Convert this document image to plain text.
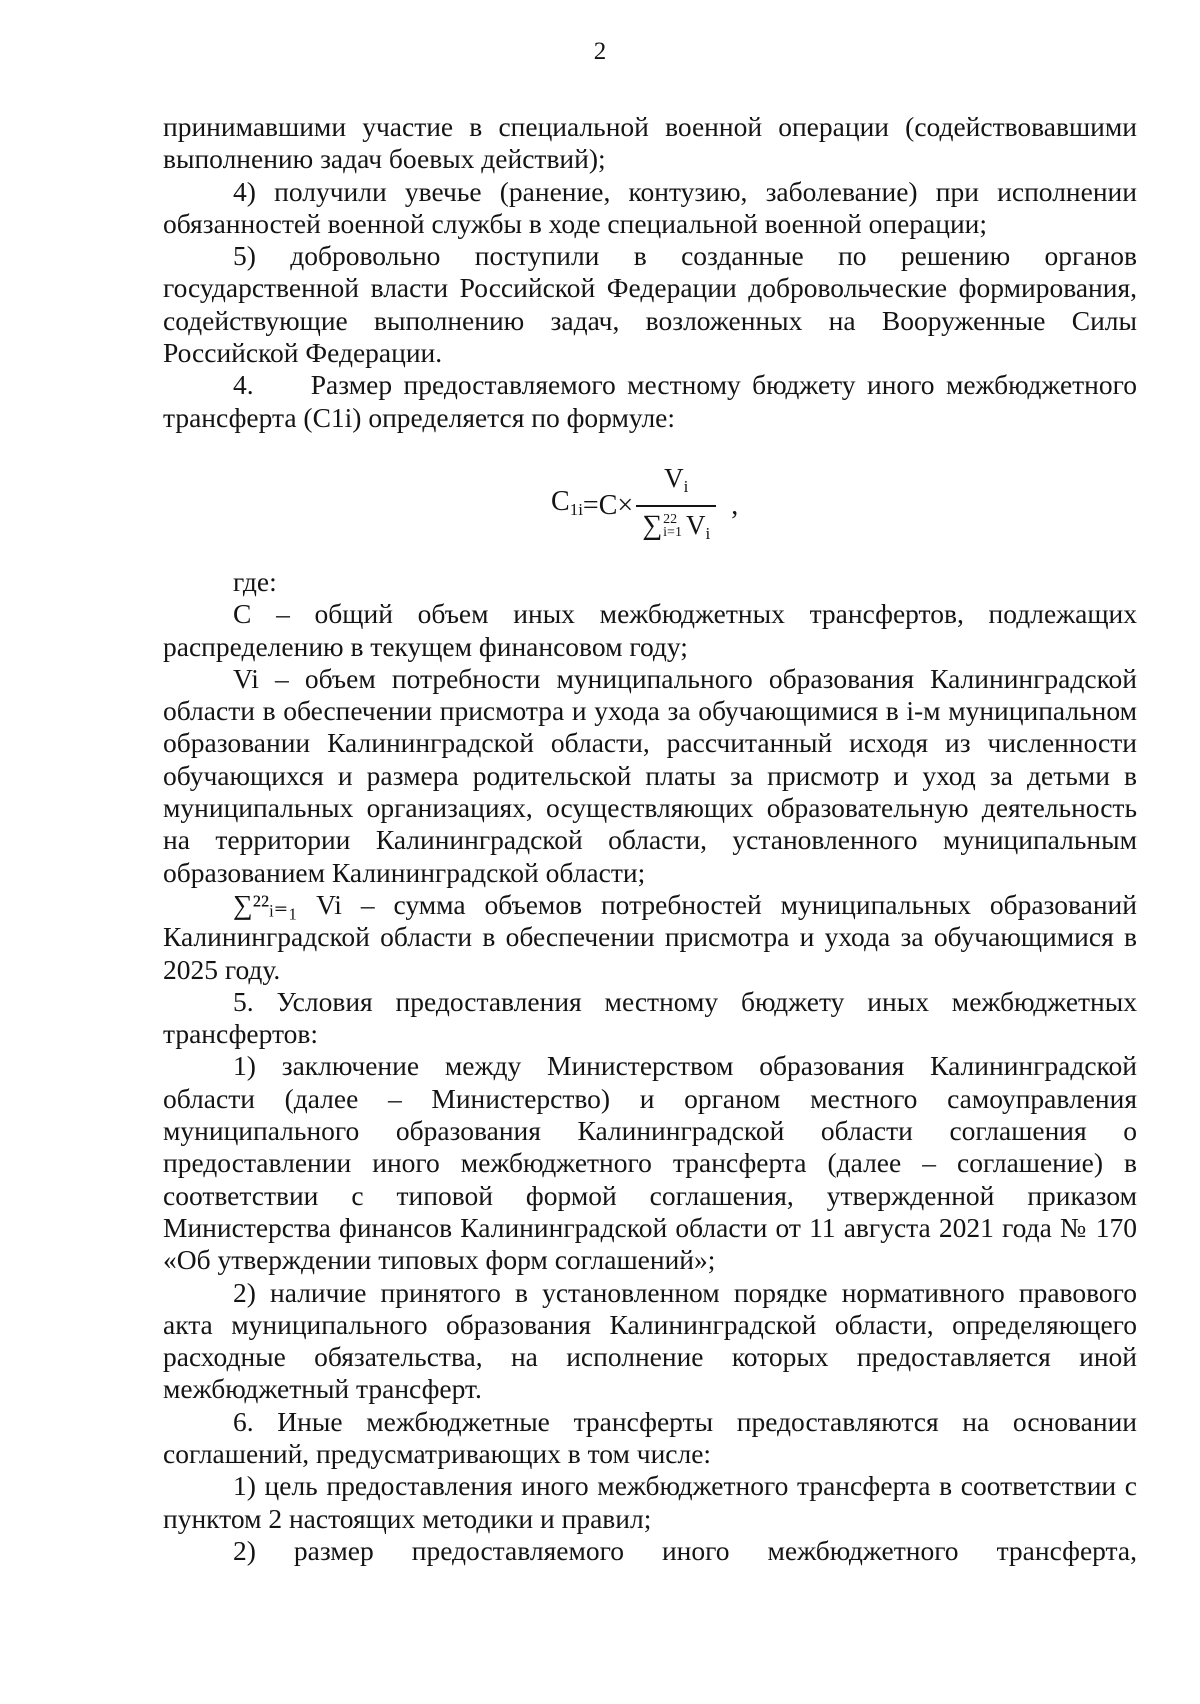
2

принимавшими участие в специальной военной операции (содействовавшими выполнению задач боевых действий);

4) получили увечье (ранение, контузию, заболевание) при исполнении обязанностей военной службы в ходе специальной военной операции;

5) добровольно поступили в созданные по решению органов государственной власти Российской Федерации добровольческие формирования, содействующие выполнению задач, возложенных на Вооруженные Силы Российской Федерации.

4.     Размер предоставляемого местному бюджету иного межбюджетного трансферта (C1i) определяется по формуле:

$C_{1i} =C\times V_i$
∑ 22
i=1 $V_i$ ,

где:

C – общий объем иных межбюджетных трансфертов, подлежащих распределению в текущем финансовом году;

Vi – объем потребности муниципального образования Калининградской области в обеспечении присмотра и ухода за обучающимися в i-м муниципальном образовании Калининградской области, рассчитанный исходя из численности обучающихся и размера родительской платы за присмотр и уход за детьми в муниципальных организациях, осуществляющих образовательную деятельность на территории Калининградской области, установленного муниципальным образованием Калининградской области;

∑²²ᵢ₌₁ Vi – сумма объемов потребностей муниципальных образований Калининградской области в обеспечении присмотра и ухода за обучающимися в 2025 году.

5. Условия предоставления местному бюджету иных межбюджетных трансфертов:

1) заключение между Министерством образования Калининградской области (далее – Министерство) и органом местного самоуправления муниципального образования Калининградской области соглашения о предоставлении иного межбюджетного трансферта (далее – соглашение) в соответствии с типовой формой соглашения, утвержденной приказом Министерства финансов Калининградской области от 11 августа 2021 года № 170 «Об утверждении типовых форм соглашений»;

2) наличие принятого в установленном порядке нормативного правового акта муниципального образования Калининградской области, определяющего расходные обязательства, на исполнение которых предоставляется иной межбюджетный трансферт.

6. Иные межбюджетные трансферты предоставляются на основании соглашений, предусматривающих в том числе:

1) цель предоставления иного межбюджетного трансферта в соответствии с пунктом 2 настоящих методики и правил;

2) размер предоставляемого иного межбюджетного трансферта,
